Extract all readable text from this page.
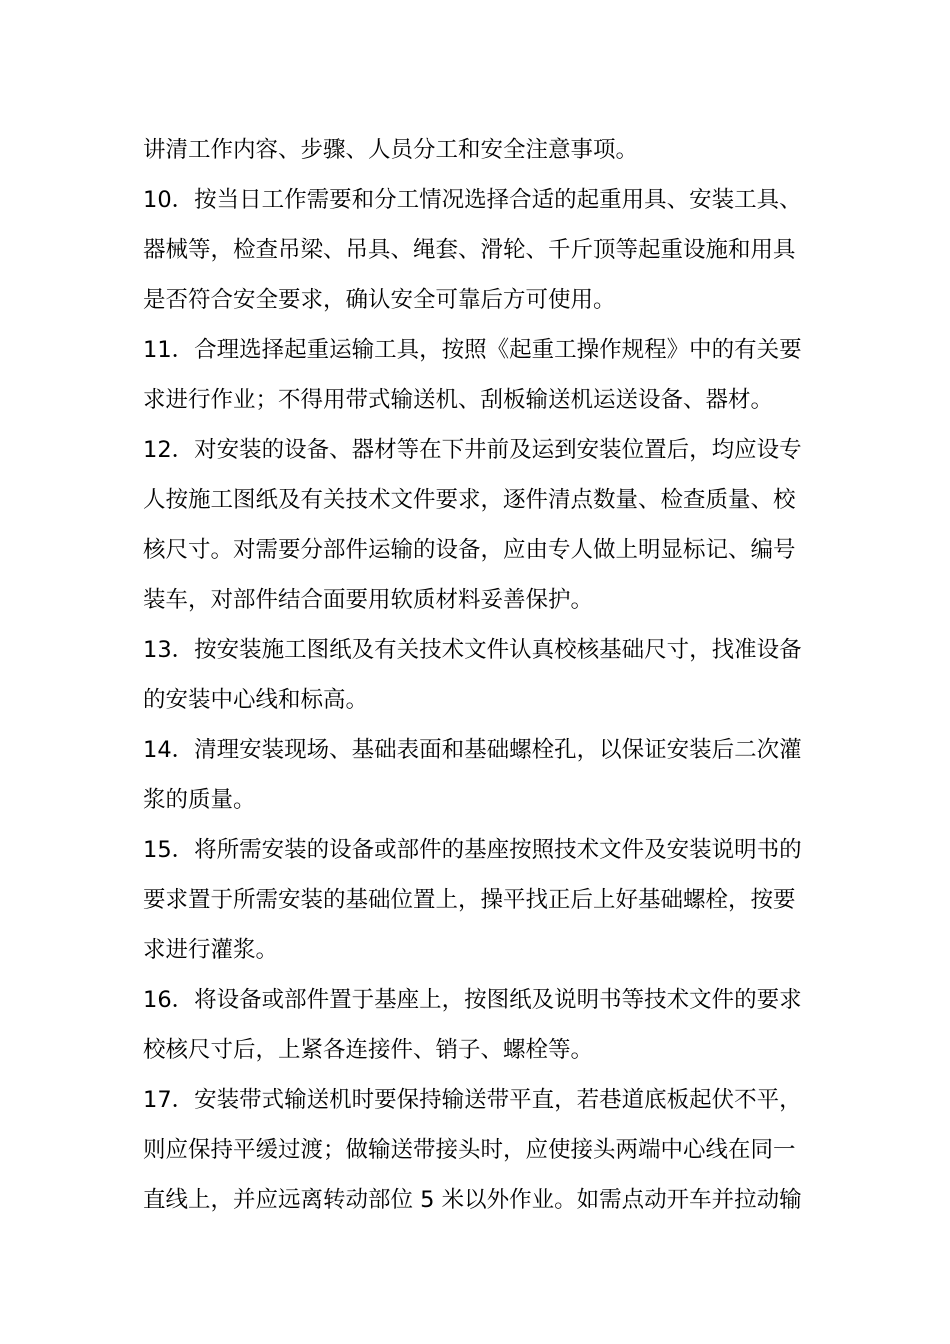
讲清工作内容、步骤、人员分工和安全注意事项。
10．按当日工作需要和分工情况选择合适的起重用具、安装工具、
器械等，检查吊梁、吊具、绳套、滑轮、千斤顶等起重设施和用具
是否符合安全要求，确认安全可靠后方可使用。
11．合理选择起重运输工具，按照《起重工操作规程》中的有关要
求进行作业；不得用带式输送机、刮板输送机运送设备、器材。
12．对安装的设备、器材等在下井前及运到安装位置后，均应设专
人按施工图纸及有关技术文件要求，逐件清点数量、检查质量、校
核尺寸。对需要分部件运输的设备，应由专人做上明显标记、编号
装车，对部件结合面要用软质材料妥善保护。
13．按安装施工图纸及有关技术文件认真校核基础尺寸，找准设备
的安装中心线和标高。
14．清理安装现场、基础表面和基础螺栓孔，以保证安装后二次灌
浆的质量。
15．将所需安装的设备或部件的基座按照技术文件及安装说明书的
要求置于所需安装的基础位置上，操平找正后上好基础螺栓，按要
求进行灌浆。
16．将设备或部件置于基座上，按图纸及说明书等技术文件的要求
校核尺寸后，上紧各连接件、销子、螺栓等。
17．安装带式输送机时要保持输送带平直，若巷道底板起伏不平，
则应保持平缓过渡；做输送带接头时，应使接头两端中心线在同一
直线上，并应远离转动部位 5 米以外作业。如需点动开车并拉动输
